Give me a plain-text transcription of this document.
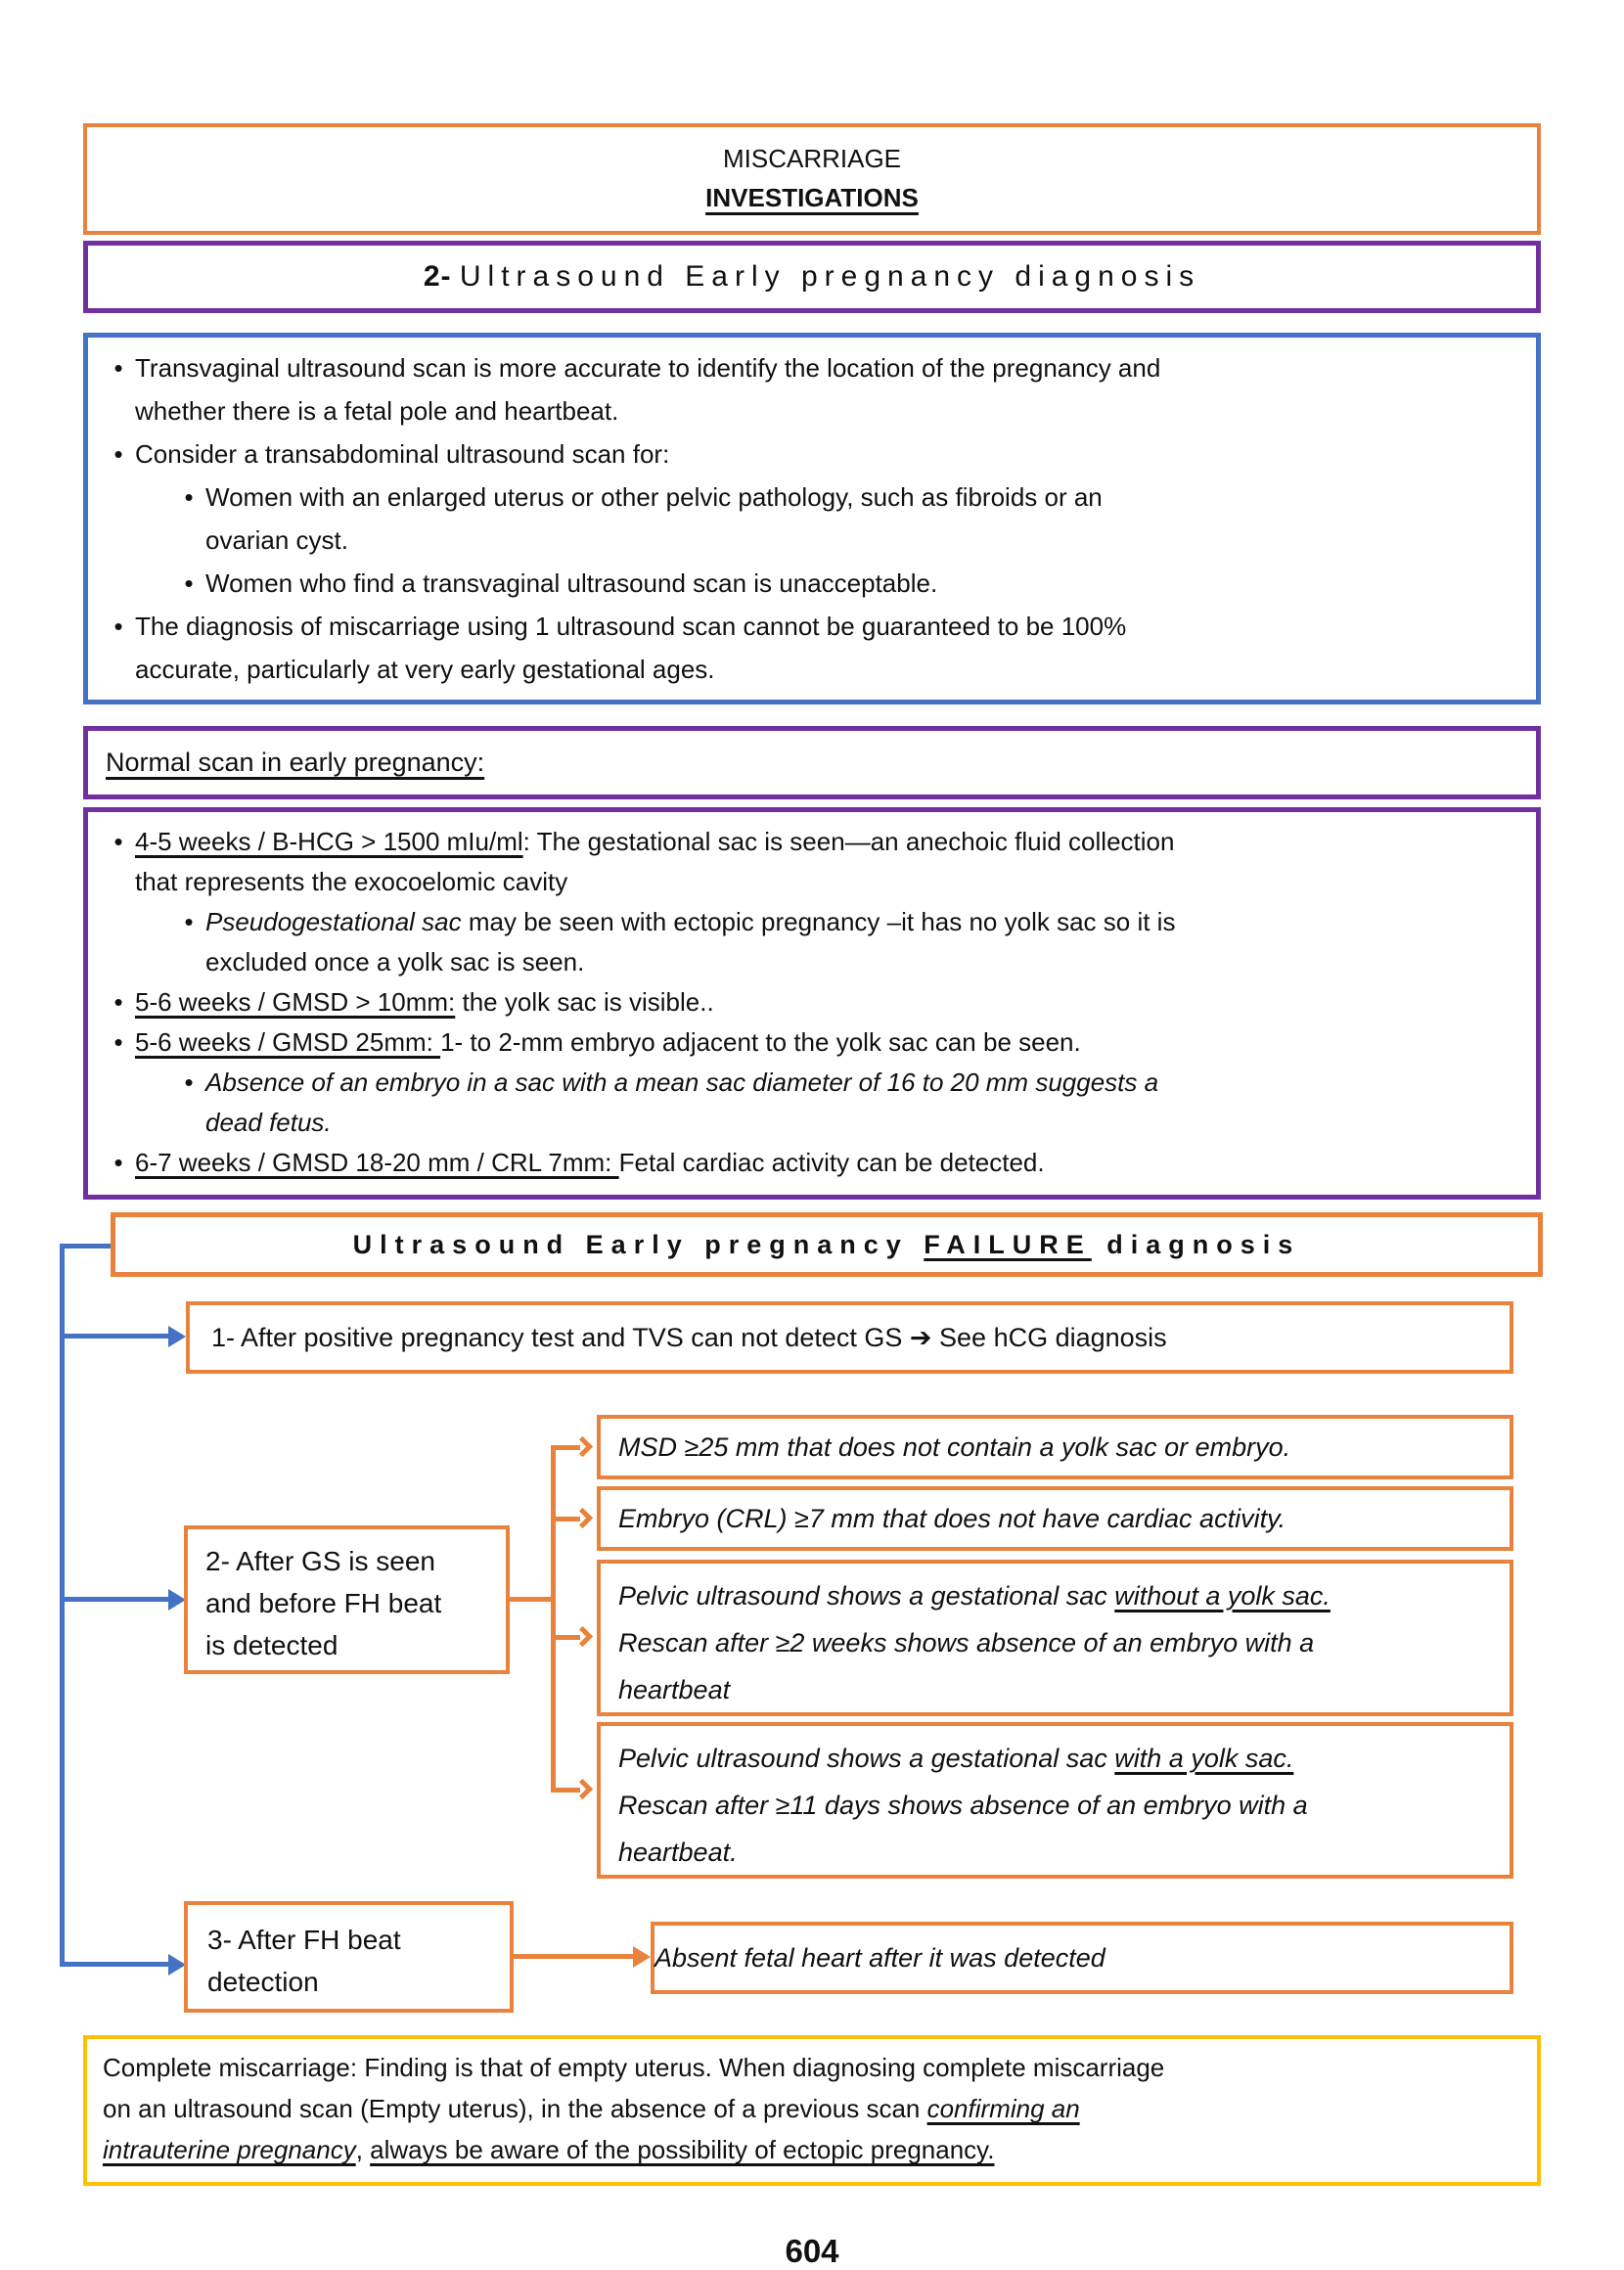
MISCARRIAGE
INVESTIGATIONS
2- Ultrasound Early pregnancy diagnosis
• Transvaginal ultrasound scan is more accurate to identify the location of the pregnancy and
whether there is a fetal pole and heartbeat.
• Consider a transabdominal ultrasound scan for:
• Women with an enlarged uterus or other pelvic pathology, such as fibroids or an
ovarian cyst.
• Women who find a transvaginal ultrasound scan is unacceptable.
• The diagnosis of miscarriage using 1 ultrasound scan cannot be guaranteed to be 100%
accurate, particularly at very early gestational ages.
Normal scan in early pregnancy:
• 4-5 weeks / B-HCG > 1500 mIu/ml: The gestational sac is seen—an anechoic fluid collection
that represents the exocoelomic cavity
• Pseudogestational sac may be seen with ectopic pregnancy –it has no yolk sac so it is
excluded once a yolk sac is seen.
• 5-6 weeks / GMSD > 10mm: the yolk sac is visible..
• 5-6 weeks / GMSD 25mm: 1- to 2-mm embryo adjacent to the yolk sac can be seen.
• Absence of an embryo in a sac with a mean sac diameter of 16 to 20 mm suggests a
dead fetus.
• 6-7 weeks / GMSD 18-20 mm / CRL 7mm: Fetal cardiac activity can be detected.
Ultrasound Early pregnancy FAILURE diagnosis
1- After positive pregnancy test and TVS can not detect GS ➔ See hCG diagnosis
2- After GS is seen
and before FH beat
is detected
MSD ≥25 mm that does not contain a yolk sac or embryo.
Embryo (CRL) ≥7 mm that does not have cardiac activity.
Pelvic ultrasound shows a gestational sac without a yolk sac.
Rescan after ≥2 weeks shows absence of an embryo with a
heartbeat
Pelvic ultrasound shows a gestational sac with a yolk sac.
Rescan after ≥11 days shows absence of an embryo with a
heartbeat.
3- After FH beat
detection
Absent fetal heart after it was detected
Complete miscarriage: Finding is that of empty uterus. When diagnosing complete miscarriage
on an ultrasound scan (Empty uterus), in the absence of a previous scan confirming an
intrauterine pregnancy, always be aware of the possibility of ectopic pregnancy.
604
